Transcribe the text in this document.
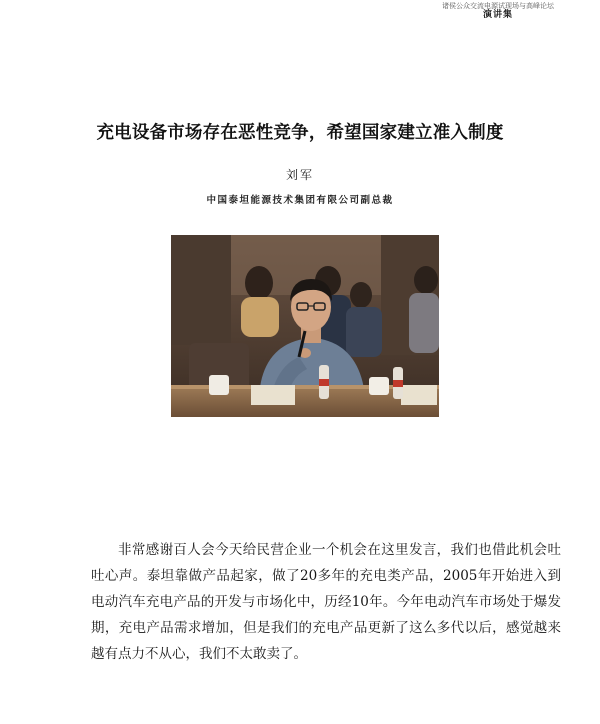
诸侯公众交流电源试现场与高峰论坛
演讲集
充电设备市场存在恶性竞争，希望国家建立准入制度
刘军
中国泰坦能源技术集团有限公司副总裁

非常感谢百人会今天给民营企业一个机会在这里发言，我们也借此机会吐吐心声。泰坦靠做产品起家，做了20多年的充电类产品，2005年开始进入到电动汽车充电产品的开发与市场化中，历经10年。今年电动汽车市场处于爆发期，充电产品需求增加，但是我们的充电产品更新了这么多代以后，感觉越来越有点力不从心，我们不太敢卖了。
